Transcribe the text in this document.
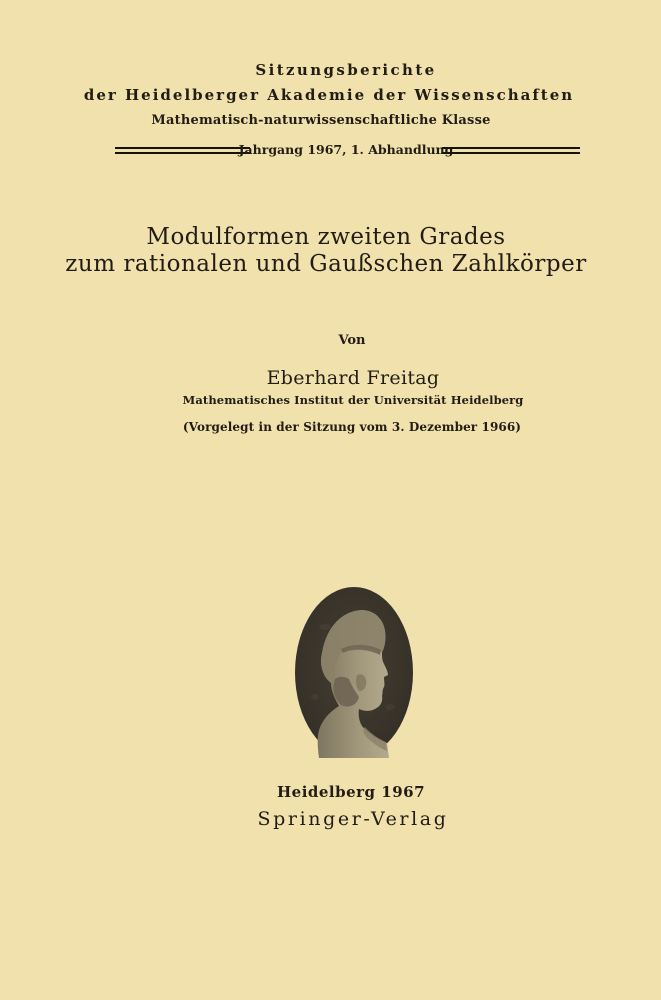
Sitzungsberichte
der Heidelberger Akademie der Wissenschaften
Mathematisch-naturwissenschaftliche Klasse
Jahrgang 1967, 1. Abhandlung
Modulformen zweiten Grades
zum rationalen und Gaußschen Zahlkörper
Von
Eberhard Freitag
Mathematisches Institut der Universität Heidelberg
(Vorgelegt in der Sitzung vom 3. Dezember 1966)
Heidelberg 1967
Springer-Verlag
